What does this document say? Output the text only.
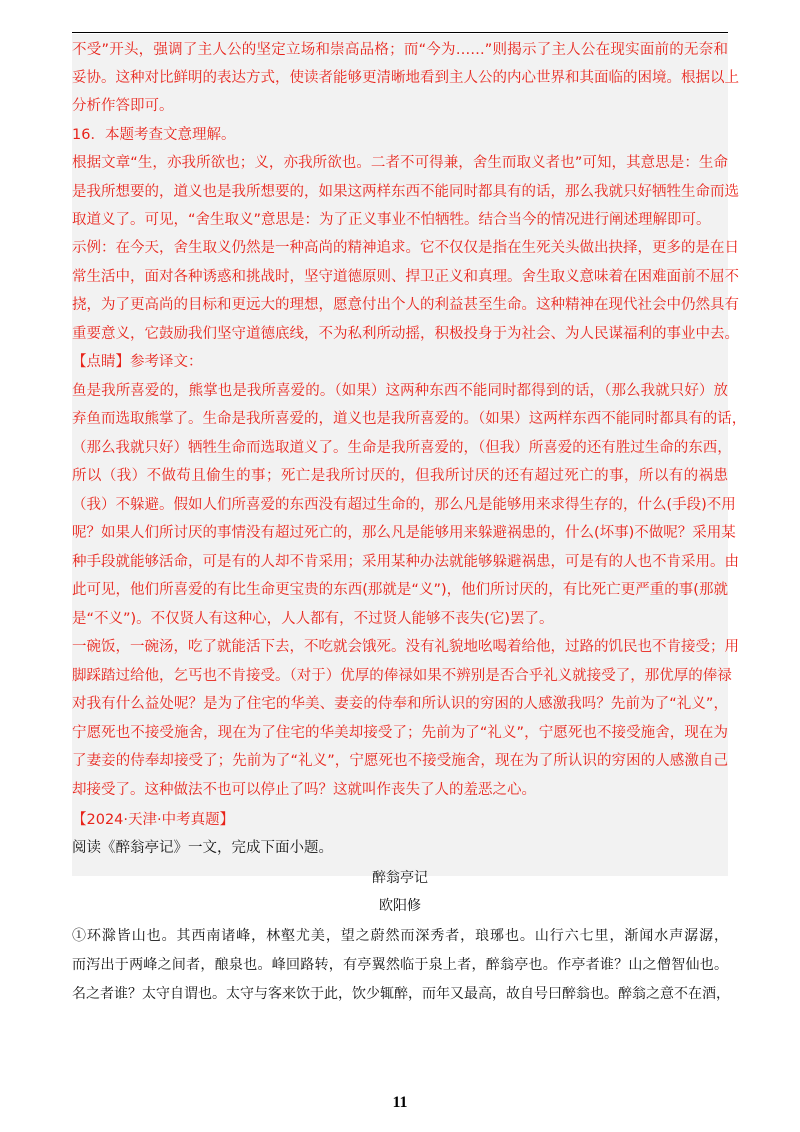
不受”开头，强调了主人公的坚定立场和崇高品格；而“今为……”则揭示了主人公在现实面前的无奈和
妥协。这种对比鲜明的表达方式，使读者能够更清晰地看到主人公的内心世界和其面临的困境。根据以上
分析作答即可。
16．本题考查文意理解。
根据文章“生，亦我所欲也；义，亦我所欲也。二者不可得兼，舍生而取义者也”可知，其意思是：生命
是我所想要的，道义也是我所想要的，如果这两样东西不能同时都具有的话，那么我就只好牺牲生命而选
取道义了。可见，“舍生取义”意思是：为了正义事业不怕牺牲。结合当今的情况进行阐述理解即可。
示例：在今天，舍生取义仍然是一种高尚的精神追求。它不仅仅是指在生死关头做出抉择，更多的是在日
常生活中，面对各种诱惑和挑战时，坚守道德原则、捍卫正义和真理。舍生取义意味着在困难面前不屈不
挠，为了更高尚的目标和更远大的理想，愿意付出个人的利益甚至生命。这种精神在现代社会中仍然具有
重要意义，它鼓励我们坚守道德底线，不为私利所动摇，积极投身于为社会、为人民谋福利的事业中去。
【点睛】参考译文：
鱼是我所喜爱的，熊掌也是我所喜爱的。（如果）这两种东西不能同时都得到的话，（那么我就只好）放
弃鱼而选取熊掌了。生命是我所喜爱的，道义也是我所喜爱的。（如果）这两样东西不能同时都具有的话，
（那么我就只好）牺牲生命而选取道义了。生命是我所喜爱的，（但我）所喜爱的还有胜过生命的东西，
所以（我）不做苟且偷生的事；死亡是我所讨厌的，但我所讨厌的还有超过死亡的事，所以有的祸患
（我）不躲避。假如人们所喜爱的东西没有超过生命的，那么凡是能够用来求得生存的，什么(手段)不用
呢？如果人们所讨厌的事情没有超过死亡的，那么凡是能够用来躲避祸患的，什么(坏事)不做呢？采用某
种手段就能够活命，可是有的人却不肯采用；采用某种办法就能够躲避祸患，可是有的人也不肯采用。由
此可见，他们所喜爱的有比生命更宝贵的东西(那就是“义”)，他们所讨厌的，有比死亡更严重的事(那就
是“不义”)。不仅贤人有这种心，人人都有，不过贤人能够不丧失(它)罢了。
一碗饭，一碗汤，吃了就能活下去，不吃就会饿死。没有礼貌地吆喝着给他，过路的饥民也不肯接受；用
脚踩踏过给他，乞丐也不肯接受。（对于）优厚的俸禄如果不辨别是否合乎礼义就接受了，那优厚的俸禄
对我有什么益处呢？是为了住宅的华美、妻妾的侍奉和所认识的穷困的人感激我吗？先前为了“礼义”，
宁愿死也不接受施舍，现在为了住宅的华美却接受了；先前为了“礼义”，宁愿死也不接受施舍，现在为
了妻妾的侍奉却接受了；先前为了“礼义”，宁愿死也不接受施舍，现在为了所认识的穷困的人感激自己
却接受了。这种做法不也可以停止了吗？这就叫作丧失了人的羞恶之心。
【2024·天津·中考真题】
阅读《醉翁亭记》一文，完成下面小题。
醉翁亭记
欧阳修
①环滁皆山也。其西南诸峰，林壑尤美，望之蔚然而深秀者，琅琊也。山行六七里，渐闻水声潺潺，
而泻出于两峰之间者，酿泉也。峰回路转，有亭翼然临于泉上者，醉翁亭也。作亭者谁？山之僧智仙也。
名之者谁？太守自谓也。太守与客来饮于此，饮少辄醉，而年又最高，故自号曰醉翁也。醉翁之意不在酒，
11
